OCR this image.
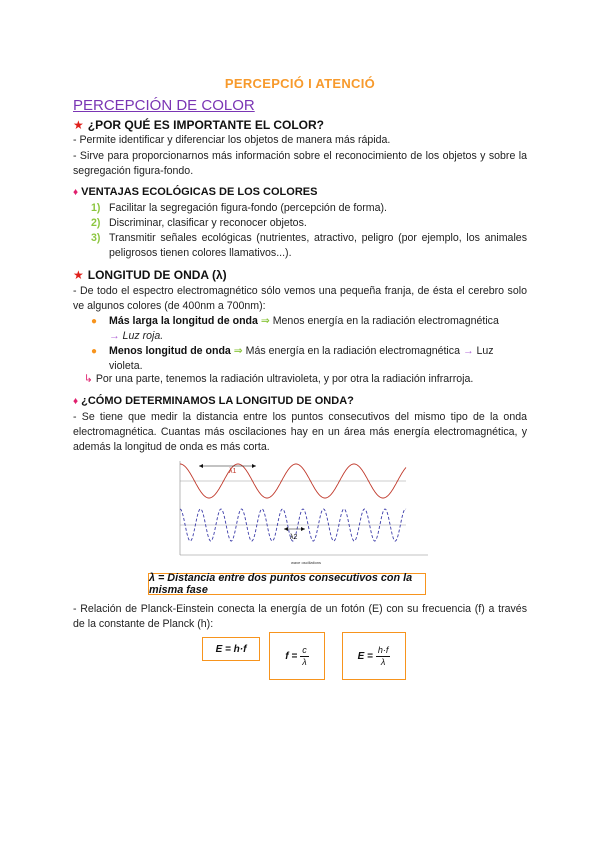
PERCEPCIÓ I ATENCIÓ
PERCEPCIÓN DE COLOR
★ ¿POR QUÉ ES IMPORTANTE EL COLOR?
- Permite identificar y diferenciar los objetos de manera más rápida.
- Sirve para proporcionarnos más información sobre el reconocimiento de los objetos y sobre la segregación figura-fondo.
♦ VENTAJAS ECOLÓGICAS DE LOS COLORES
1) Facilitar la segregación figura-fondo (percepción de forma).
2) Discriminar, clasificar y reconocer objetos.
3) Transmitir señales ecológicas (nutrientes, atractivo, peligro (por ejemplo, los animales peligrosos tienen colores llamativos...).
★ LONGITUD DE ONDA (λ)
- De todo el espectro electromagnético sólo vemos una pequeña franja, de ésta el cerebro solo ve algunos colores (de 400nm a 700nm):
●	Más larga la longitud de onda ⇒ Menos energía en la radiación electromagnética
→ Luz roja.
●	Menos longitud de onda ⇒ Más energía en la radiación electromagnética → Luz violeta.
↳ Por una parte, tenemos la radiación ultravioleta, y por otra la radiación infrarroja.
♦ ¿CÓMO DETERMINAMOS LA LONGITUD DE ONDA?
- Se tiene que medir la distancia entre los puntos consecutivos del mismo tipo de la onda electromagnética. Cuantas más oscilaciones hay en un área más energía electromagnética, y además la longitud de onda es más corta.
λ1
λ2
wave oscillations
λ = Distancia entre dos puntos consecutivos con la misma fase
- Relación de Planck-Einstein conecta la energía de un fotón (E) con su frecuencia (f) a través de la constante de Planck (h):
E = h·f
$f = \frac{c}{\lambda}$	$E = \frac{h\cdot f}{\lambda}$
